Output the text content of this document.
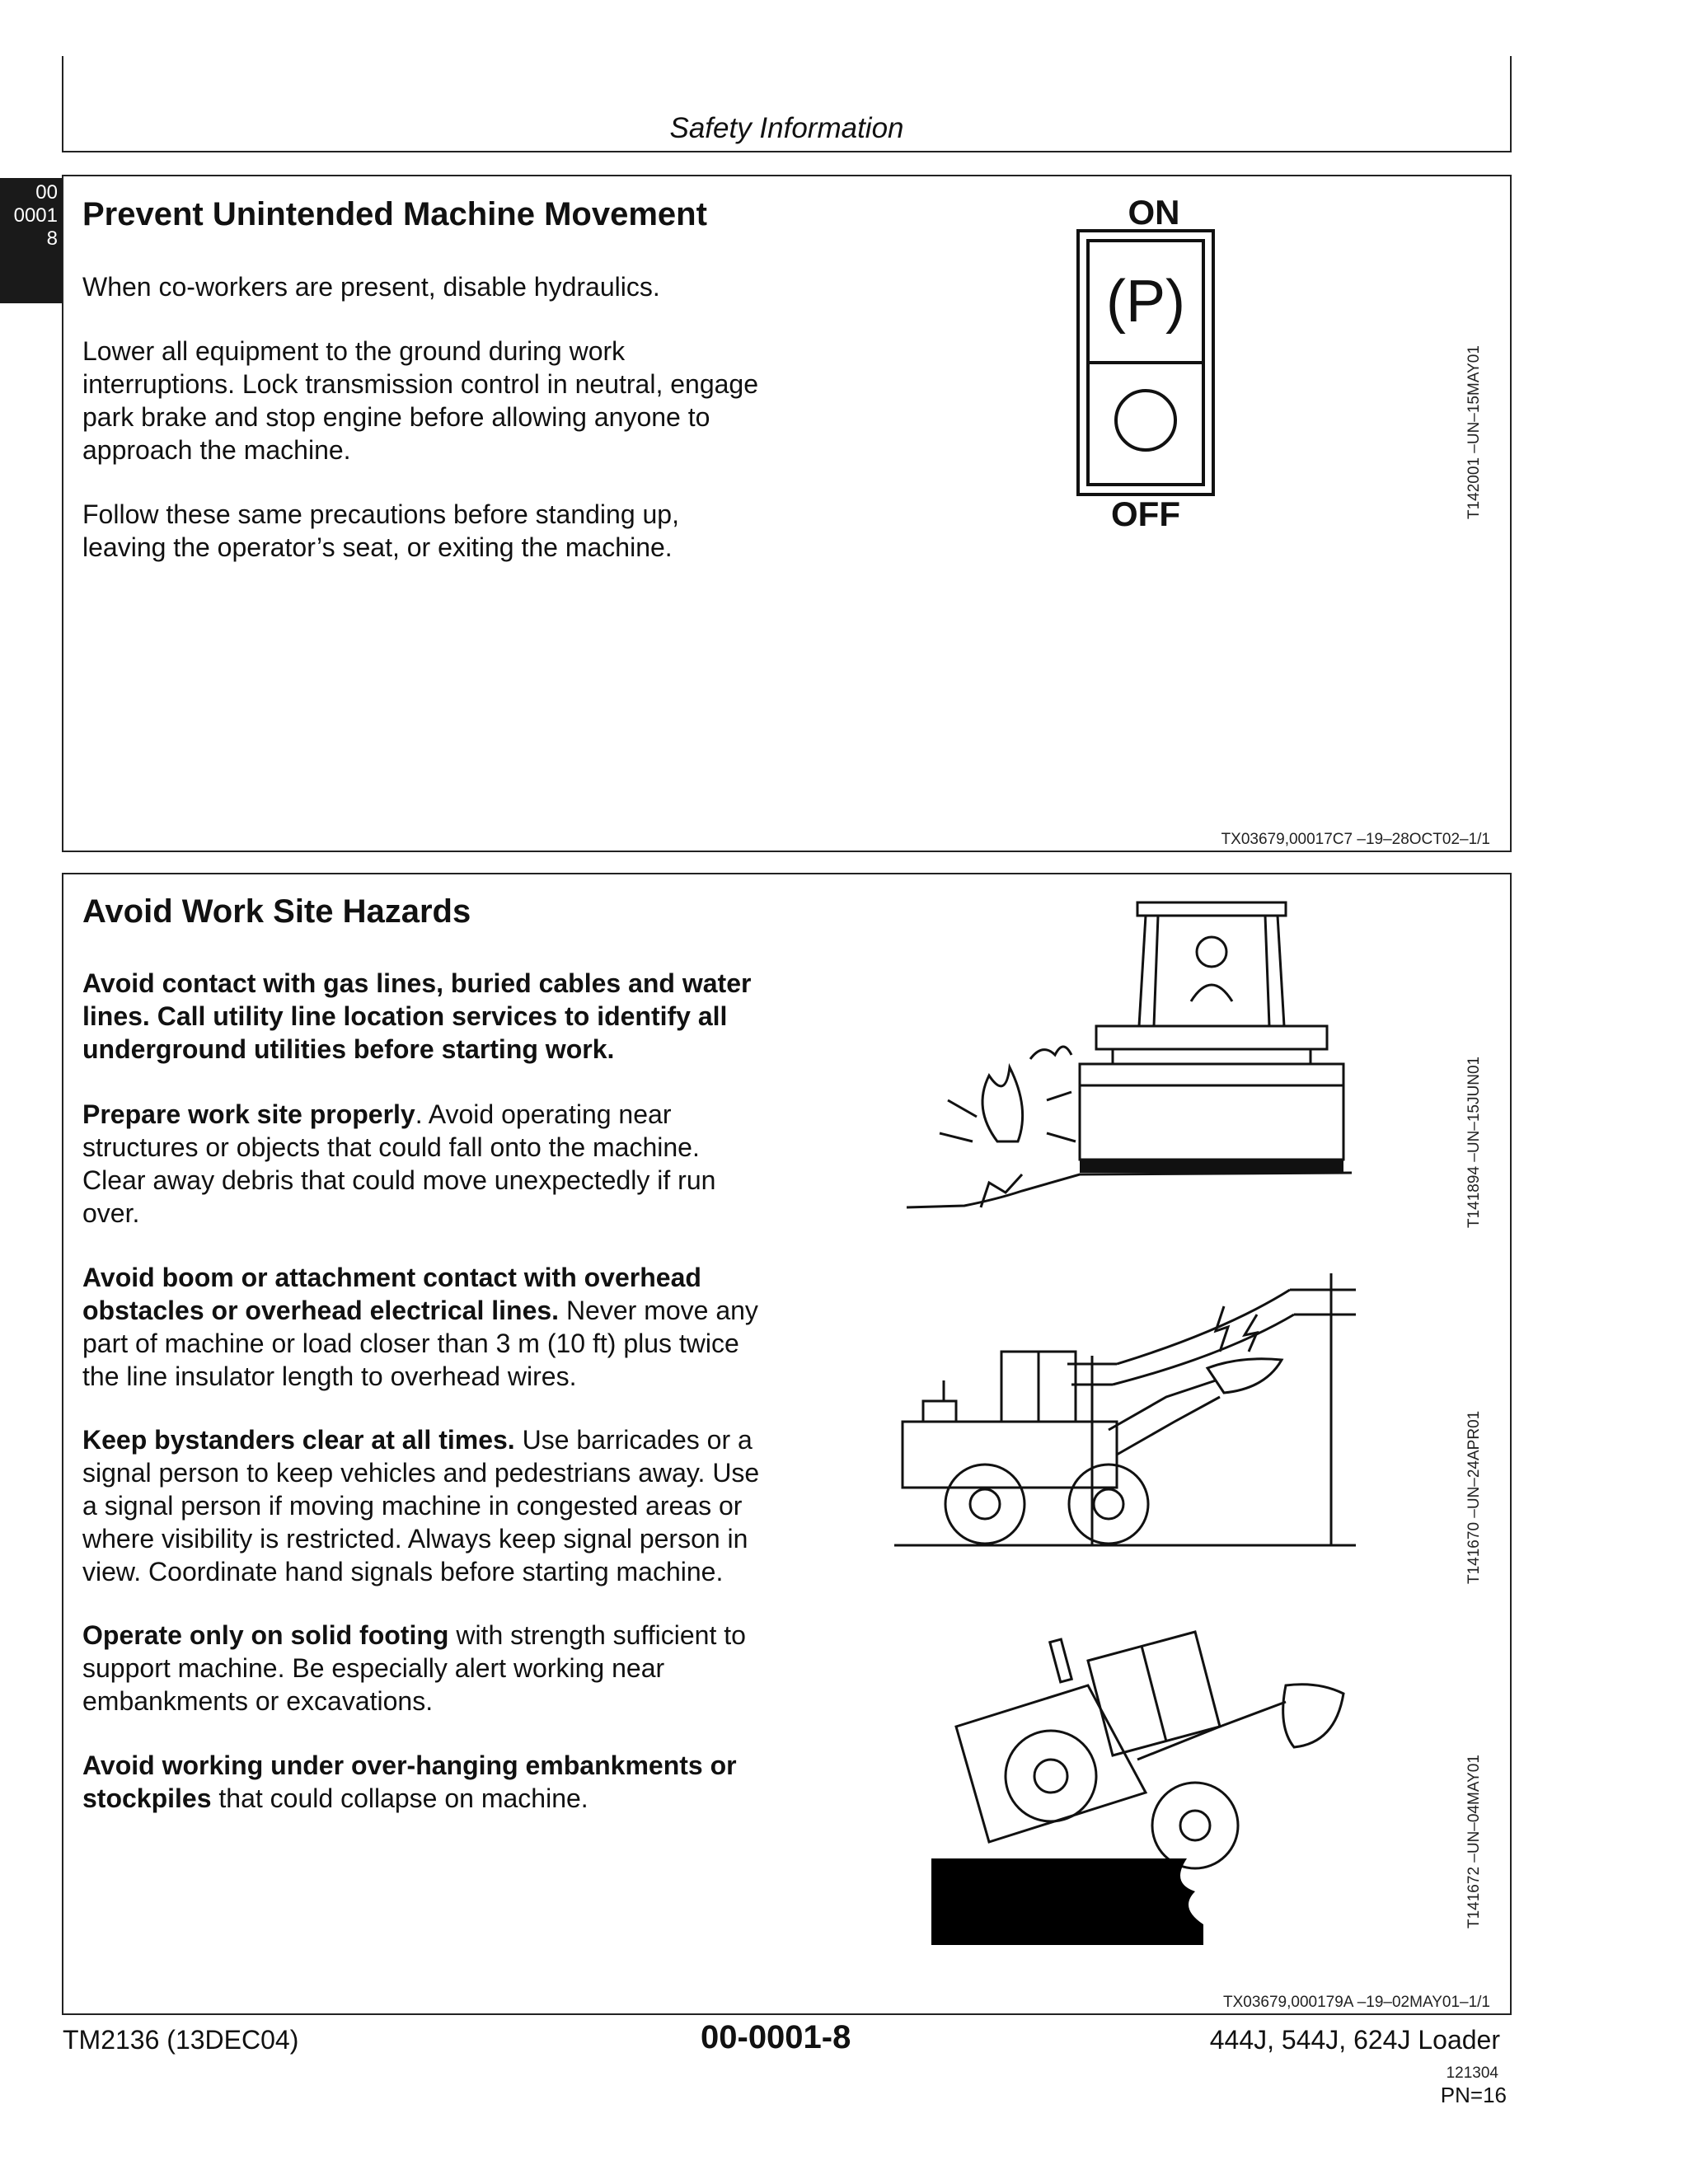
Safety Information
00
0001
8
Prevent Unintended Machine Movement

When co-workers are present, disable hydraulics.

Lower all equipment to the ground during work
interruptions. Lock transmission control in neutral, engage
park brake and stop engine before allowing anyone to
approach the machine.

Follow these same precautions before standing up,
leaving the operator’s seat, or exiting the machine.

ON
(P)
OFF	T142001 –UN–15MAY01
TX03679,00017C7 –19–28OCT02–1/1
Avoid Work Site Hazards

Avoid contact with gas lines, buried cables and water
lines. Call utility line location services to identify all
underground utilities before starting work.

Prepare work site properly. Avoid operating near
structures or objects that could fall onto the machine.
Clear away debris that could move unexpectedly if run
over.

Avoid boom or attachment contact with overhead
obstacles or overhead electrical lines. Never move any
part of machine or load closer than 3 m (10 ft) plus twice
the line insulator length to overhead wires.

Keep bystanders clear at all times. Use barricades or a
signal person to keep vehicles and pedestrians away. Use
a signal person if moving machine in congested areas or
where visibility is restricted. Always keep signal person in
view. Coordinate hand signals before starting machine.

Operate only on solid footing with strength sufficient to
support machine. Be especially alert working near
embankments or excavations.

Avoid working under over-hanging embankments or
stockpiles that could collapse on machine.

T141894 –UN–15JUN01
T141670 –UN–24APR01
T141672 –UN–04MAY01
TX03679,000179A –19–02MAY01–1/1
TM2136 (13DEC04)	00-0001-8	444J, 544J, 624J Loader
121304
PN=16
